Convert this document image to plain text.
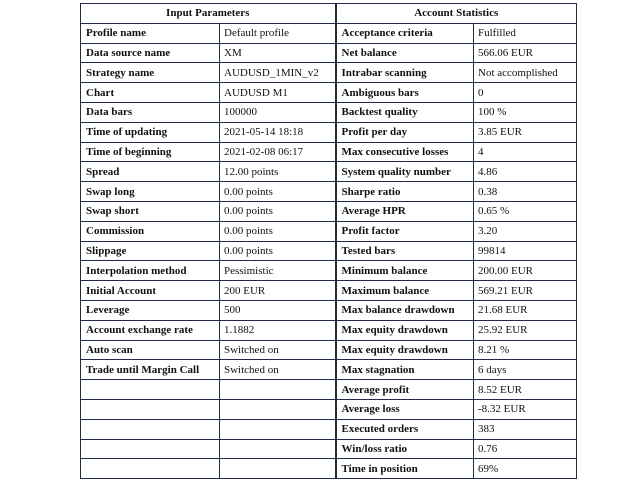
Input Parameters		Account Statistics	
Profile name	Default profile	Acceptance criteria	Fulfilled
Data source name	XM	Net balance	566.06 EUR
Strategy name	AUDUSD_1MIN_v2	Intrabar scanning	Not accomplished
Chart	AUDUSD M1	Ambiguous bars	0
Data bars	100000	Backtest quality	100 %
Time of updating	2021-05-14 18:18	Profit per day	3.85 EUR
Time of beginning	2021-02-08 06:17	Max consecutive losses	4
Spread	12.00 points	System quality number	4.86
Swap long	0.00 points	Sharpe ratio	0.38
Swap short	0.00 points	Average HPR	0.65 %
Commission	0.00 points	Profit factor	3.20
Slippage	0.00 points	Tested bars	99814
Interpolation method	Pessimistic	Minimum balance	200.00 EUR
Initial Account	200 EUR	Maximum balance	569.21 EUR
Leverage	500	Max balance drawdown	21.68 EUR
Account exchange rate	1.1882	Max equity drawdown	25.92 EUR
Auto scan	Switched on	Max equity drawdown	8.21 %
Trade until Margin Call	Switched on	Max stagnation	6 days
		Average profit	8.52 EUR
		Average loss	-8.32 EUR
		Executed orders	383
		Win/loss ratio	0.76
		Time in position	69%
